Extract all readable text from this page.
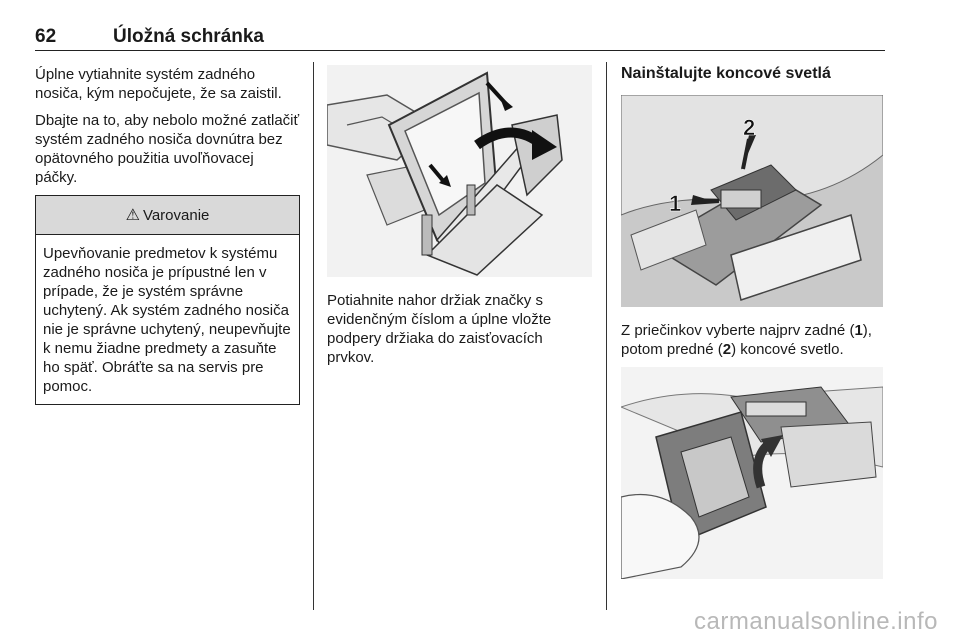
62	Úložná schránka

Úplne vytiahnite systém zadného nosiča, kým nepočujete, že sa zaistil.

Dbajte na to, aby nebolo možné zatlačiť systém zadného nosiča dovnútra bez opätovného použitia uvoľňovacej páčky.

⚠ Varovanie
Upevňovanie predmetov k systému zadného nosiča je prípustné len v prípade, že je systém správne uchytený. Ak systém zadného nosiča nie je správne uchytený, neupevňujte k nemu žiadne predmety a zasuňte ho späť. Obráťte sa na servis pre pomoc.

Potiahnite nahor držiak značky s evidenčným číslom a úplne vložte podpery držiaka do zaisťovacích prvkov.

Nainštalujte koncové svetlá
2
1

Z priečinkov vyberte najprv zadné (1), potom predné (2) koncové svetlo.

carmanualsonline.info
